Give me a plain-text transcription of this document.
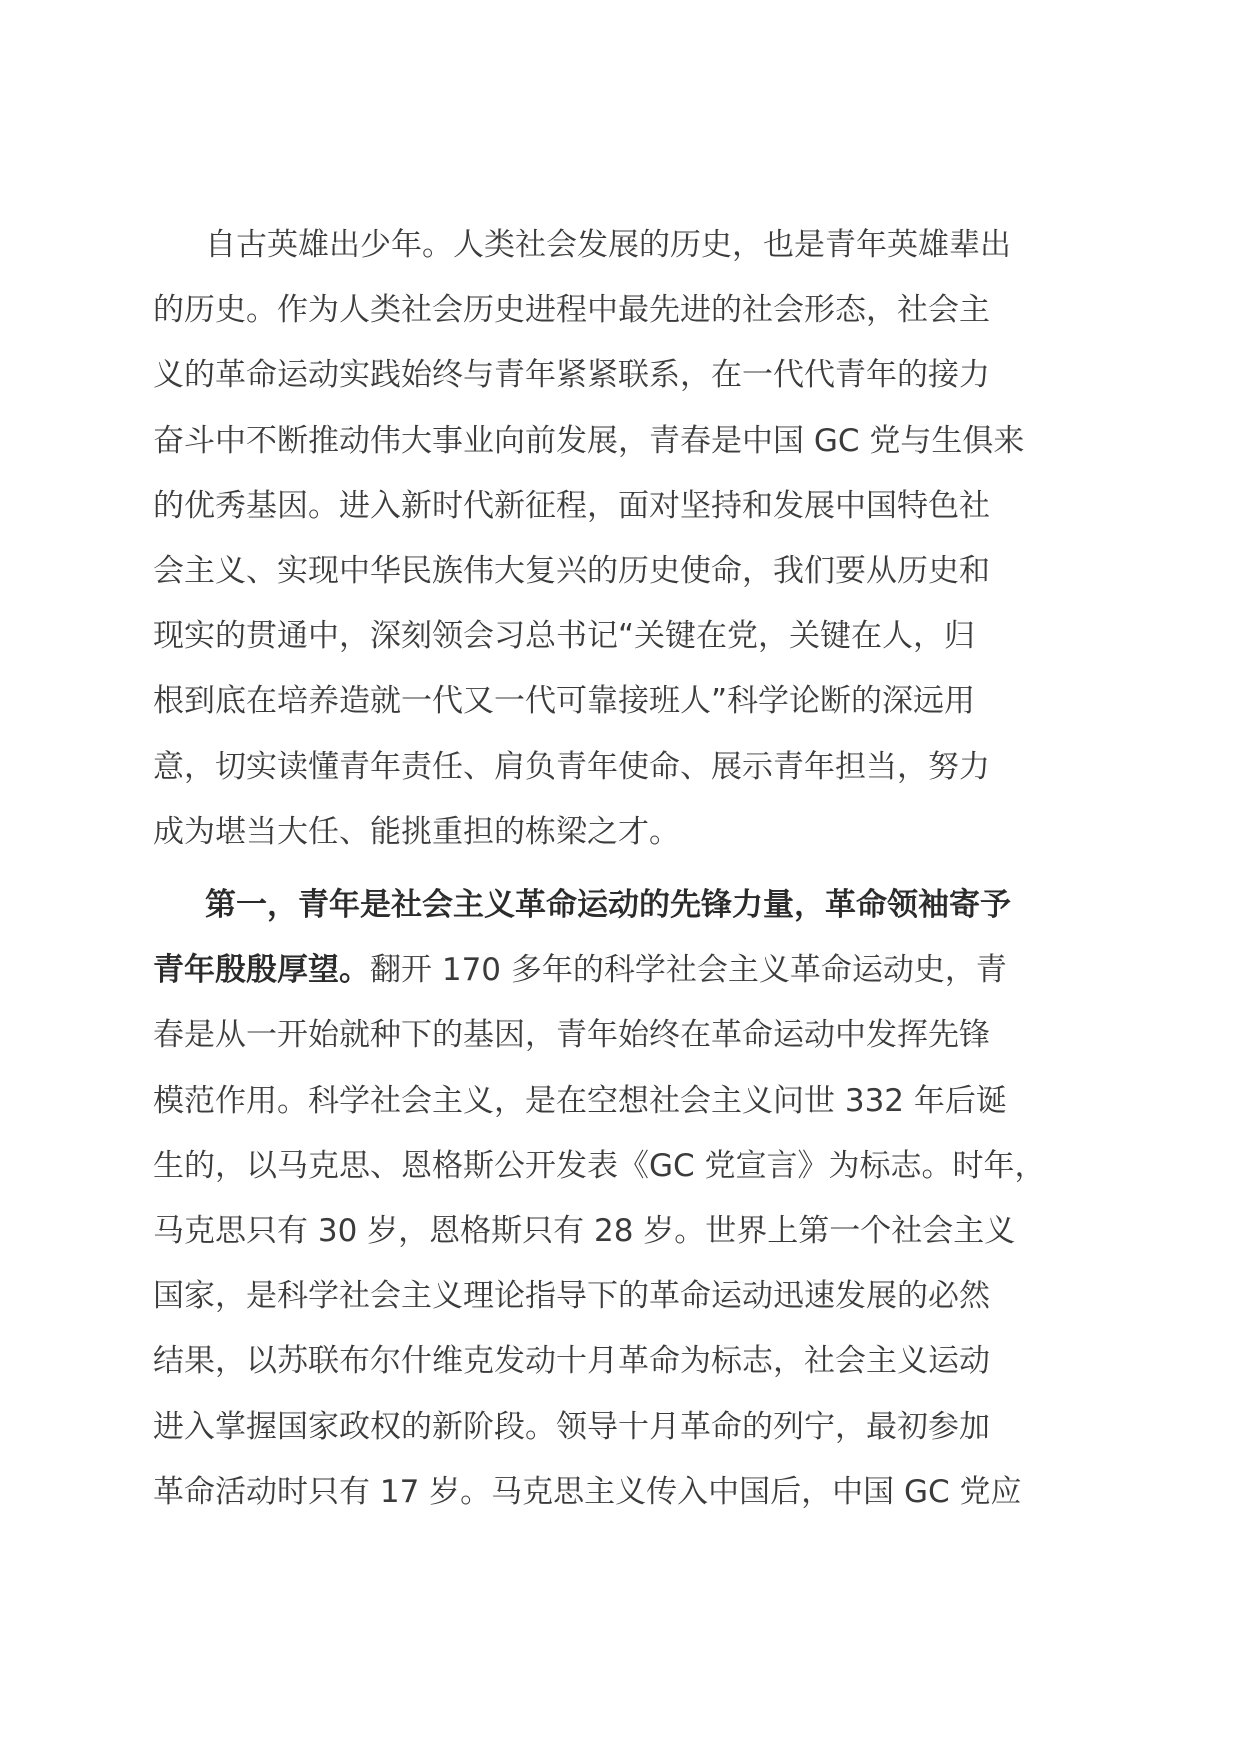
自古英雄出少年。人类社会发展的历史，也是青年英雄辈出
的历史。作为人类社会历史进程中最先进的社会形态，社会主
义的革命运动实践始终与青年紧紧联系，在一代代青年的接力
奋斗中不断推动伟大事业向前发展，青春是中国 GC 党与生俱来
的优秀基因。进入新时代新征程，面对坚持和发展中国特色社
会主义、实现中华民族伟大复兴的历史使命，我们要从历史和
现实的贯通中，深刻领会习总书记“关键在党，关键在人，归
根到底在培养造就一代又一代可靠接班人”科学论断的深远用
意，切实读懂青年责任、肩负青年使命、展示青年担当，努力
成为堪当大任、能挑重担的栋梁之才。

第一，青年是社会主义革命运动的先锋力量，革命领袖寄予
青年殷殷厚望。翻开 170 多年的科学社会主义革命运动史，青
春是从一开始就种下的基因，青年始终在革命运动中发挥先锋
模范作用。科学社会主义，是在空想社会主义问世 332 年后诞
生的，以马克思、恩格斯公开发表《GC 党宣言》为标志。时年，
马克思只有 30 岁，恩格斯只有 28 岁。世界上第一个社会主义
国家，是科学社会主义理论指导下的革命运动迅速发展的必然
结果，以苏联布尔什维克发动十月革命为标志，社会主义运动
进入掌握国家政权的新阶段。领导十月革命的列宁，最初参加
革命活动时只有 17 岁。马克思主义传入中国后，中国 GC 党应
